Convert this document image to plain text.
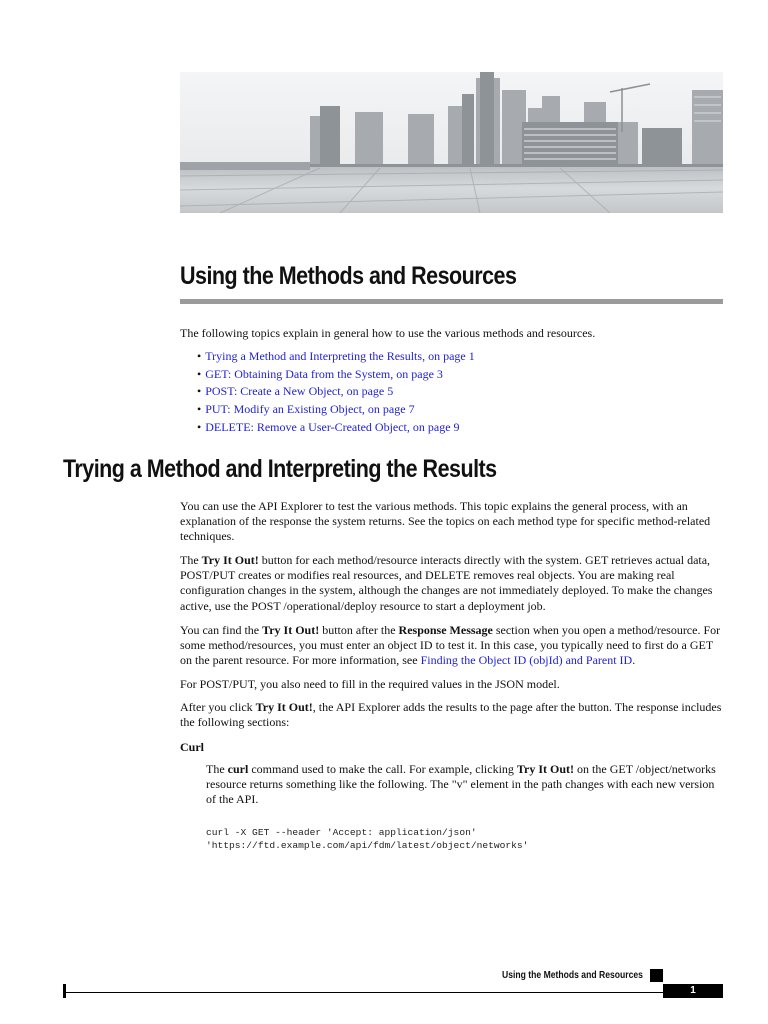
Using the Methods and Resources

The following topics explain in general how to use the various methods and resources.

• Trying a Method and Interpreting the Results, on page 1
• GET: Obtaining Data from the System, on page 3
• POST: Create a New Object, on page 5
• PUT: Modify an Existing Object, on page 7
• DELETE: Remove a User-Created Object, on page 9
Trying a Method and Interpreting the Results

You can use the API Explorer to test the various methods. This topic explains the general process, with an explanation of the response the system returns. See the topics on each method type for specific method-related techniques.

The Try It Out! button for each method/resource interacts directly with the system. GET retrieves actual data, POST/PUT creates or modifies real resources, and DELETE removes real objects. You are making real configuration changes in the system, although the changes are not immediately deployed. To make the changes active, use the POST /operational/deploy resource to start a deployment job.

You can find the Try It Out! button after the Response Message section when you open a method/resource. For some method/resources, you must enter an object ID to test it. In this case, you typically need to first do a GET on the parent resource. For more information, see Finding the Object ID (objId) and Parent ID.

For POST/PUT, you also need to fill in the required values in the JSON model.

After you click Try It Out!, the API Explorer adds the results to the page after the button. The response includes the following sections:

Curl

The curl command used to make the call. For example, clicking Try It Out! on the GET /object/networks resource returns something like the following. The "v" element in the path changes with each new version of the API.

curl -X GET --header 'Accept: application/json'
'https://ftd.example.com/api/fdm/latest/object/networks'
Using the Methods and Resources
1
